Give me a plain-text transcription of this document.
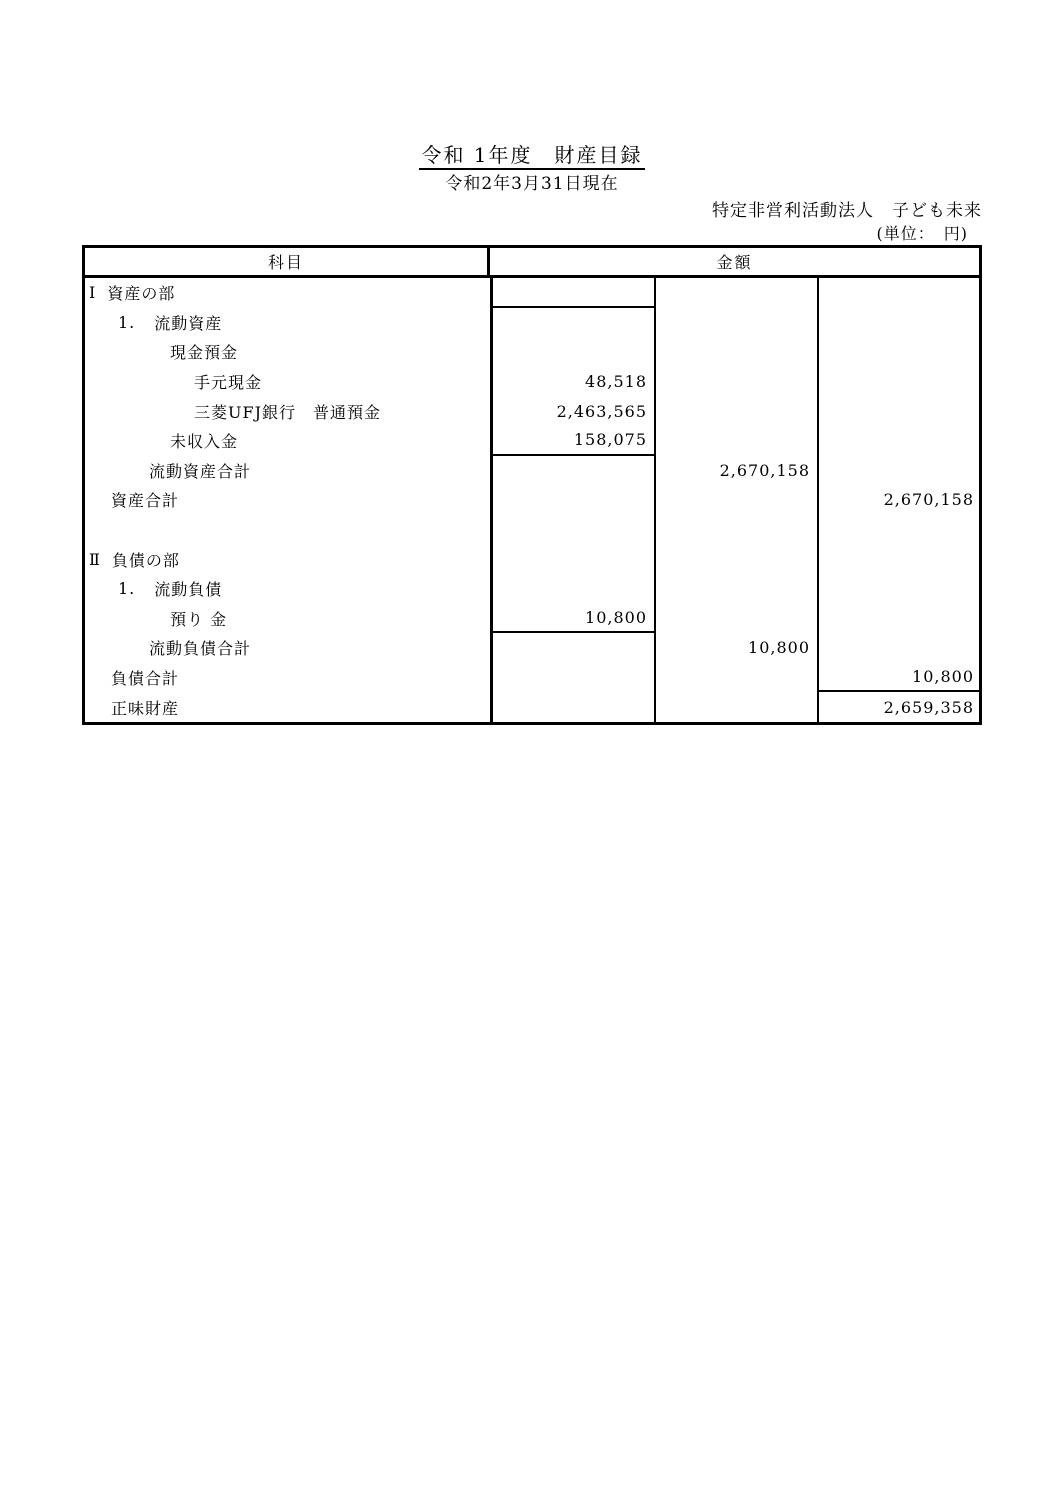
令和 1年度　財産目録
令和2年3月31日現在
特定非営利活動法人　子ども未来
(単位：　円)
科目	金額
Ⅰ 資産の部
1. 流動資産
現金預金
手元現金	48,518
三菱UFJ銀行　普通預金	2,463,565
未収入金	158,075
流動資産合計	2,670,158
資産合計	2,670,158
Ⅱ 負債の部
1. 流動負債
預り 金	10,800
流動負債合計	10,800
負債合計	10,800
正味財産	2,659,358
